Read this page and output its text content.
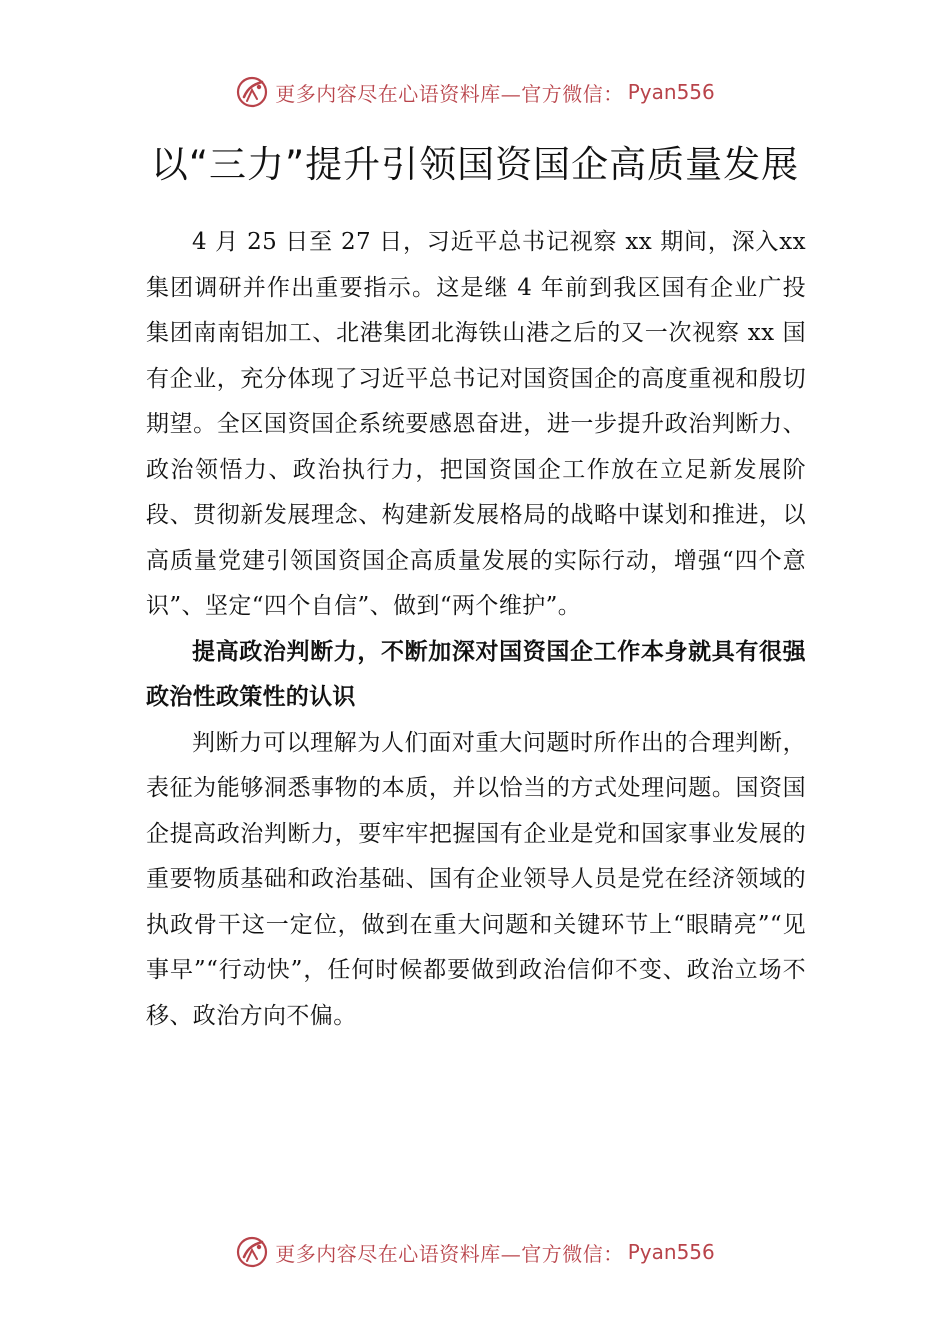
更多内容尽在心语资料库—官方微信： Pyan556
以“三力”提升引领国资国企高质量发展

4 月 25 日至 27 日，习近平总书记视察 xx 期间，深入xx 集团调研并作出重要指示。这是继 4 年前到我区国有企业广投集团南南铝加工、北港集团北海铁山港之后的又一次视察 xx 国有企业，充分体现了习近平总书记对国资国企的高度重视和殷切期望。全区国资国企系统要感恩奋进，进一步提升政治判断力、政治领悟力、政治执行力，把国资国企工作放在立足新发展阶段、贯彻新发展理念、构建新发展格局的战略中谋划和推进，以高质量党建引领国资国企高质量发展的实际行动，增强“四个意识”、坚定“四个自信”、做到“两个维护”。

提高政治判断力，不断加深对国资国企工作本身就具有很强政治性政策性的认识

判断力可以理解为人们面对重大问题时所作出的合理判断，表征为能够洞悉事物的本质，并以恰当的方式处理问题。国资国企提高政治判断力，要牢牢把握国有企业是党和国家事业发展的重要物质基础和政治基础、国有企业领导人员是党在经济领域的执政骨干这一定位，做到在重大问题和关键环节上“眼睛亮”“见事早”“行动快”，任何时候都要做到政治信仰不变、政治立场不移、政治方向不偏。

更多内容尽在心语资料库—官方微信： Pyan556
